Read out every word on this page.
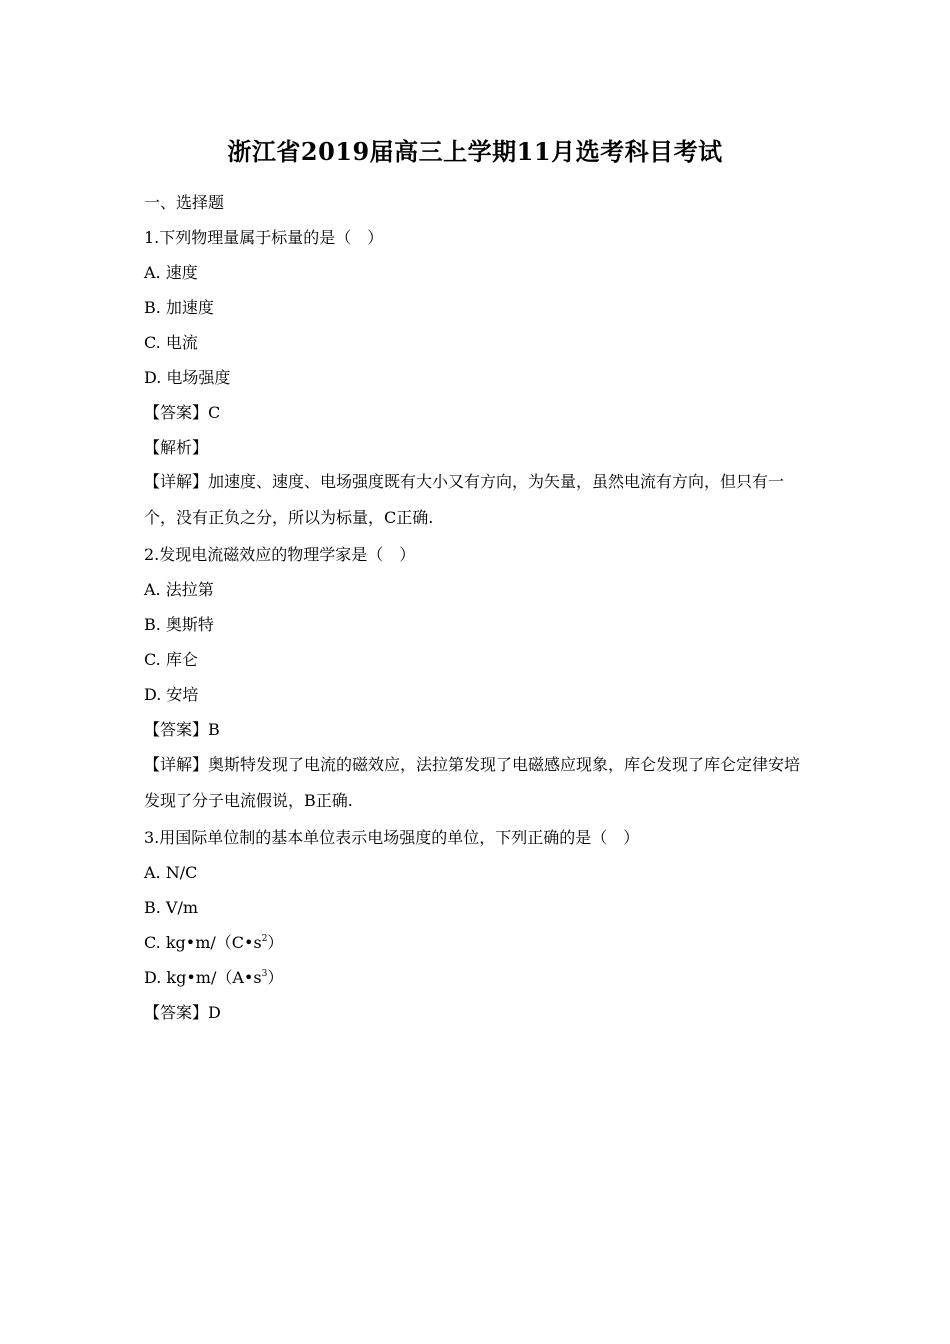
浙江省2019届高三上学期11月选考科目考试
一、选择题
1.下列物理量属于标量的是（　）
A. 速度
B. 加速度
C. 电流
D. 电场强度
【答案】C
【解析】
【详解】加速度、速度、电场强度既有大小又有方向，为矢量，虽然电流有方向，但只有一个，没有正负之分，所以为标量，C正确.
2.发现电流磁效应的物理学家是（　）
A. 法拉第
B. 奥斯特
C. 库仑
D. 安培
【答案】B
【详解】奥斯特发现了电流的磁效应，法拉第发现了电磁感应现象，库仑发现了库仑定律安培发现了分子电流假说，B正确.
3.用国际单位制的基本单位表示电场强度的单位，下列正确的是（　）
A. N/C
B. V/m
C. $kg•m/(C•s^2)$
D. $kg•m/(A•s^3)$
【答案】D
